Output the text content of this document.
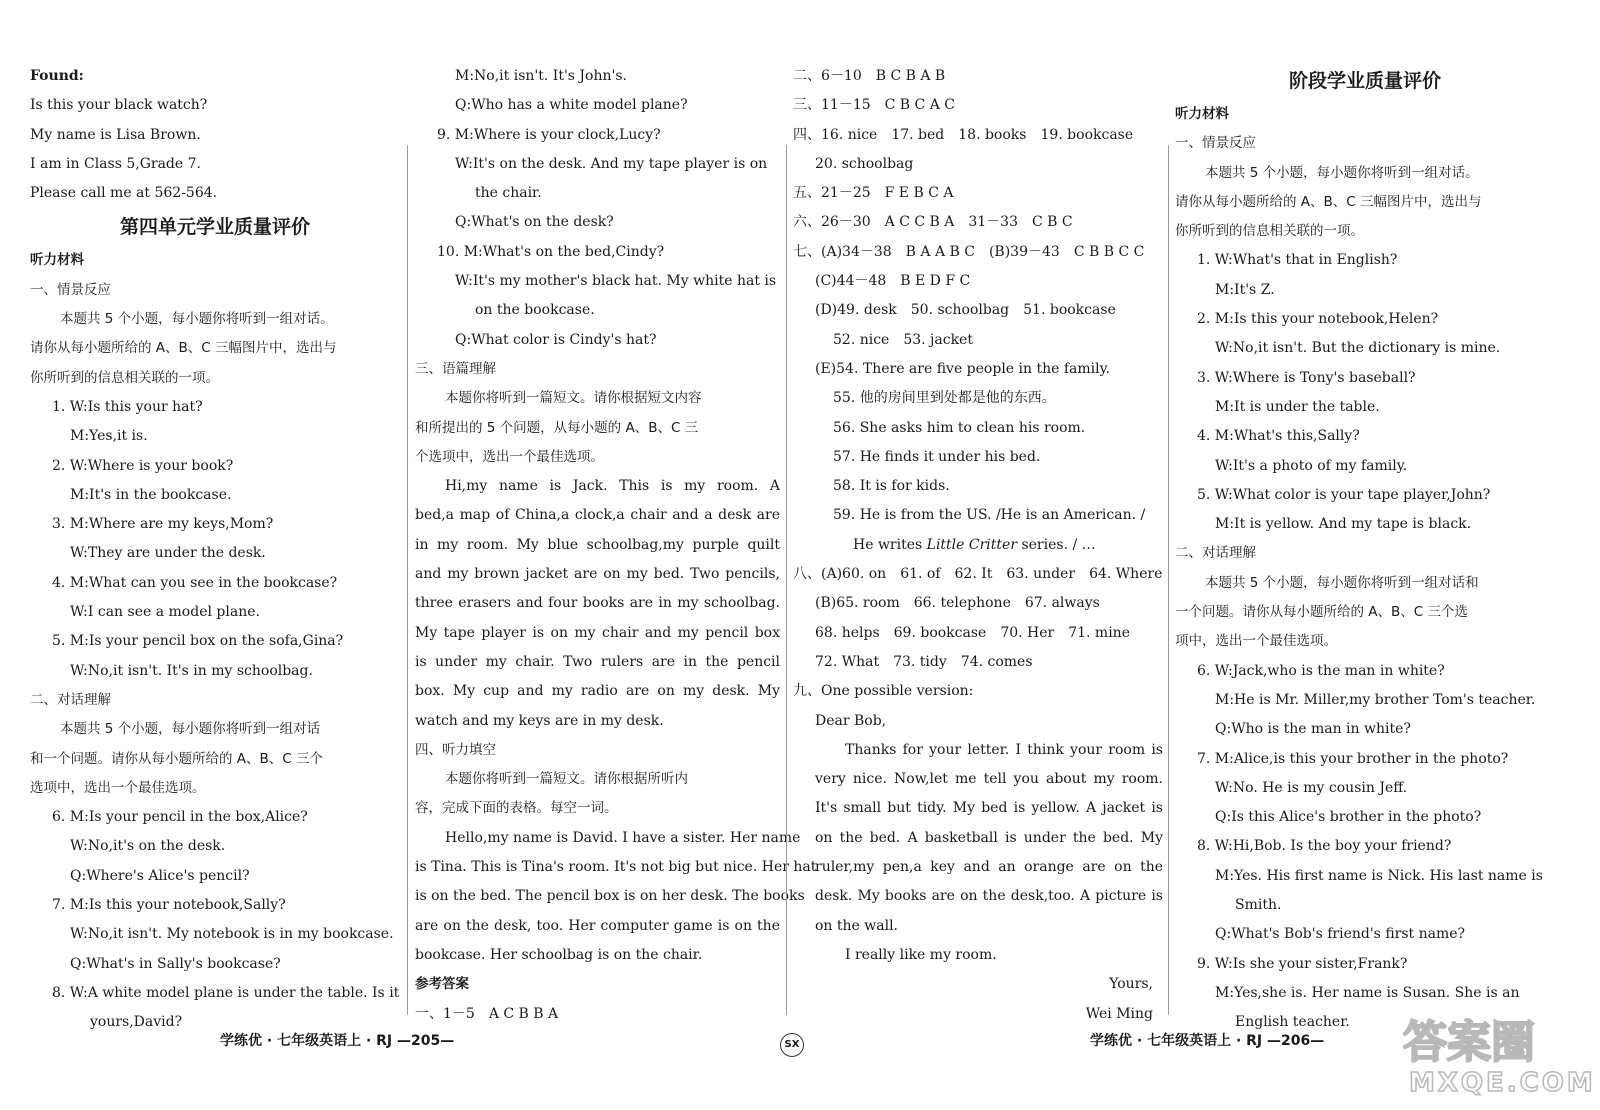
Found:
Is this your black watch?
My name is Lisa Brown.
I am in Class 5,Grade 7.
Please call me at 562-564.
第四单元学业质量评价
听力材料
一、情景反应
本题共 5 个小题，每小题你将听到一组对话。
请你从每小题所给的 A、B、C 三幅图片中，选出与
你所听到的信息相关联的一项。
1. W:Is this your hat?
M:Yes,it is.
2. W:Where is your book?
M:It's in the bookcase.
3. M:Where are my keys,Mom?
W:They are under the desk.
4. M:What can you see in the bookcase?
W:I can see a model plane.
5. M:Is your pencil box on the sofa,Gina?
W:No,it isn't. It's in my schoolbag.
二、对话理解
本题共 5 个小题，每小题你将听到一组对话
和一个问题。请你从每小题所给的 A、B、C 三个
选项中，选出一个最佳选项。
6. M:Is your pencil in the box,Alice?
W:No,it's on the desk.
Q:Where's Alice's pencil?
7. M:Is this your notebook,Sally?
W:No,it isn't. My notebook is in my bookcase.
Q:What's in Sally's bookcase?
8. W:A white model plane is under the table. Is it
yours,David?
M:No,it isn't. It's John's.
Q:Who has a white model plane?
9. M:Where is your clock,Lucy?
W:It's on the desk. And my tape player is on
the chair.
Q:What's on the desk?
10. M:What's on the bed,Cindy?
W:It's my mother's black hat. My white hat is
on the bookcase.
Q:What color is Cindy's hat?
三、语篇理解
本题你将听到一篇短文。请你根据短文内容
和所提出的 5 个问题，从每小题的 A、B、C 三
个选项中，选出一个最佳选项。
Hi,my name is Jack. This is my room. A
bed,a map of China,a clock,a chair and a desk are
in my room. My blue schoolbag,my purple quilt
and my brown jacket are on my bed. Two pencils,
three erasers and four books are in my schoolbag.
My tape player is on my chair and my pencil box
is under my chair. Two rulers are in the pencil
box. My cup and my radio are on my desk. My
watch and my keys are in my desk.
四、听力填空
本题你将听到一篇短文。请你根据所听内
容，完成下面的表格。每空一词。
Hello,my name is David. I have a sister. Her name
is Tina. This is Tina's room. It's not big but nice. Her hat
is on the bed. The pencil box is on her desk. The books
are on the desk, too. Her computer game is on the
bookcase. Her schoolbag is on the chair.
参考答案
一、1－5　A C B B A
二、6－10　B C B A B
三、11－15　C B C A C
四、16. nice　17. bed　18. books　19. bookcase
20. schoolbag
五、21－25　F E B C A
六、26－30　A C C B A　31－33　C B C
七、(A)34－38　B A A B C　(B)39－43　C B B C C
(C)44－48　B E D F C
(D)49. desk　50. schoolbag　51. bookcase
52. nice　53. jacket
(E)54. There are five people in the family.
55. 他的房间里到处都是他的东西。
56. She asks him to clean his room.
57. He finds it under his bed.
58. It is for kids.
59. He is from the US. /He is an American. /
He writes Little Critter series. / …
八、(A)60. on　61. of　62. It　63. under　64. Where
(B)65. room　66. telephone　67. always
68. helps　69. bookcase　70. Her　71. mine
72. What　73. tidy　74. comes
九、One possible version:
Dear Bob,
Thanks for your letter. I think your room is
very nice. Now,let me tell you about my room.
It's small but tidy. My bed is yellow. A jacket is
on the bed. A basketball is under the bed. My
ruler,my pen,a key and an orange are on the
desk. My books are on the desk,too. A picture is
on the wall.
I really like my room.
Yours,
Wei Ming
阶段学业质量评价
听力材料
一、情景反应
本题共 5 个小题，每小题你将听到一组对话。
请你从每小题所给的 A、B、C 三幅图片中，选出与
你所听到的信息相关联的一项。
1. W:What's that in English?
M:It's Z.
2. M:Is this your notebook,Helen?
W:No,it isn't. But the dictionary is mine.
3. W:Where is Tony's baseball?
M:It is under the table.
4. M:What's this,Sally?
W:It's a photo of my family.
5. W:What color is your tape player,John?
M:It is yellow. And my tape is black.
二、对话理解
本题共 5 个小题，每小题你将听到一组对话和
一个问题。请你从每小题所给的 A、B、C 三个选
项中，选出一个最佳选项。
6. W:Jack,who is the man in white?
M:He is Mr. Miller,my brother Tom's teacher.
Q:Who is the man in white?
7. M:Alice,is this your brother in the photo?
W:No. He is my cousin Jeff.
Q:Is this Alice's brother in the photo?
8. W:Hi,Bob. Is the boy your friend?
M:Yes. His first name is Nick. His last name is
Smith.
Q:What's Bob's friend's first name?
9. W:Is she your sister,Frank?
M:Yes,she is. Her name is Susan. She is an
English teacher.
学练优 · 七年级英语上 · RJ —205—	SX	学练优 · 七年级英语上 · RJ —206— 答案圈
MXQE.COM
